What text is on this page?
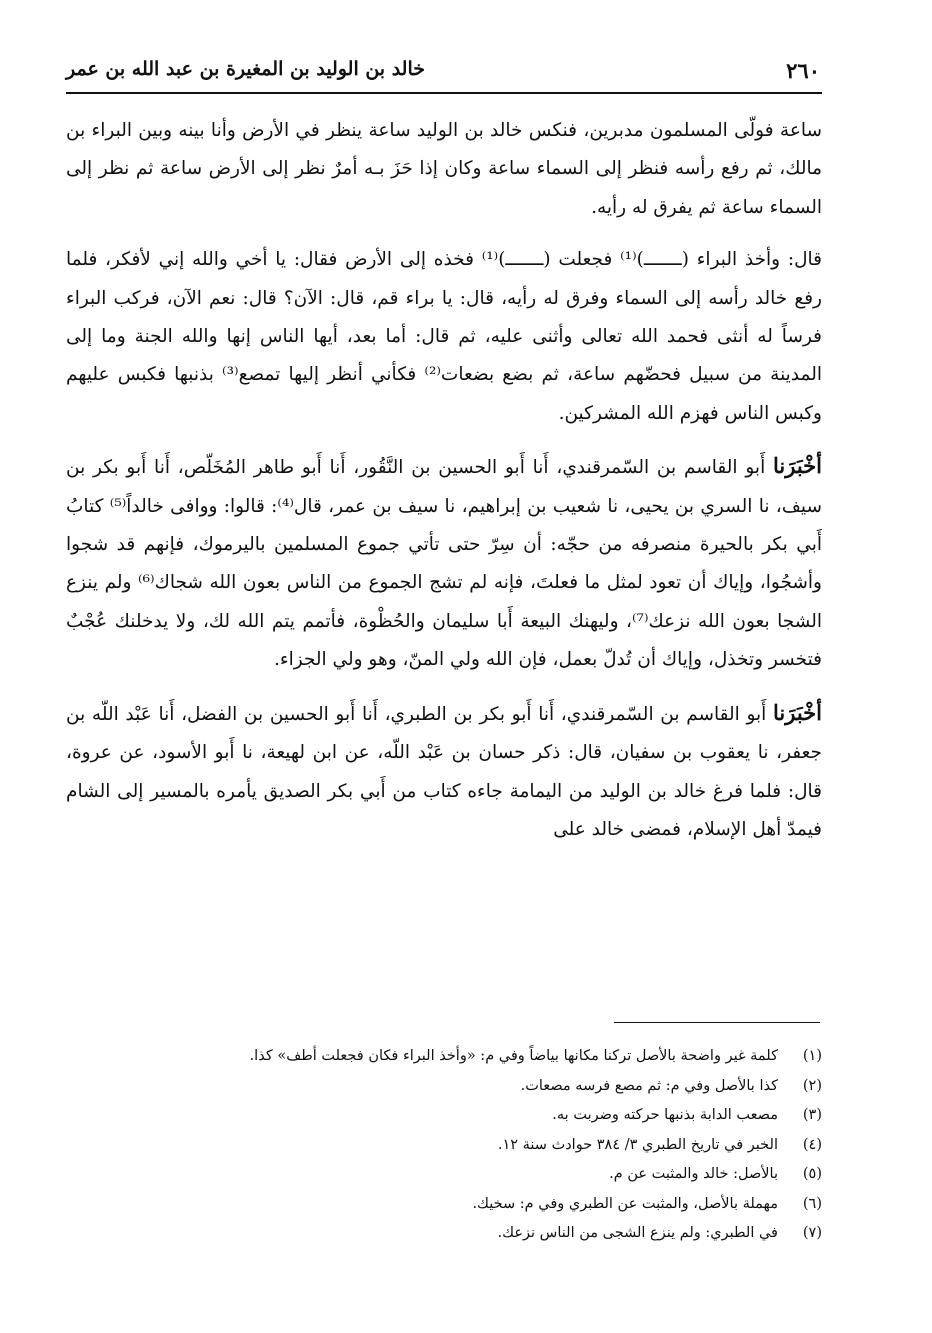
٢٦٠
خالد بن الوليد بن المغيرة بن عبد الله بن عمر

ساعة فولّى المسلمون مدبرين، فنكس خالد بن الوليد ساعة ينظر في الأرض وأنا بينه وبين البراء بن مالك، ثم رفع رأسه فنظر إلى السماء ساعة وكان إذا حَزَ بـه أمرٌ نظر إلى الأرض ساعة ثم نظر إلى السماء ساعة ثم يفرق له رأيه.

قال: وأخذ البراء (ـــــــ)⁽¹⁾ فجعلت (ـــــــ)⁽¹⁾ فخذه إلى الأرض فقال: يا أخي والله إني لأفكر، فلما رفع خالد رأسه إلى السماء وفرق له رأيه، قال: يا براء قم، قال: الآن؟ قال: نعم الآن، فركب البراء فرساً له أنثى فحمد الله تعالى وأثنى عليه، ثم قال: أما بعد، أيها الناس إنها والله الجنة وما إلى المدينة من سبيل فحضّهم ساعة، ثم بضع بضعات⁽²⁾ فكأني أنظر إليها تمصع⁽³⁾ بذنبها فكبس عليهم وكبس الناس فهزم الله المشركين.

أخْبَرَنا أَبو القاسم بن السّمرقندي، أَنا أَبو الحسين بن النَّقُور، أَنا أَبو طاهر المُخَلّص، أَنا أَبو بكر بن سيف، نا السري بن يحيى، نا شعيب بن إبراهيم، نا سيف بن عمر، قال⁽⁴⁾: قالوا: ووافى خالداً⁽⁵⁾ كتابُ أَبي بكر بالحيرة منصرفه من حجّه: أن سِرّ حتى تأتي جموع المسلمين باليرموك، فإنهم قد شجوا وأشجُوا، وإياك أن تعود لمثل ما فعلتَ، فإنه لم تشج الجموع من الناس بعون الله شجاك⁽⁶⁾ ولم ينزع الشجا بعون الله نزعك⁽⁷⁾، وليهنك البيعة أَبا سليمان والحُظْوة، فأتمم يتم الله لك، ولا يدخلنك عُجْبٌ فتخسر وتخذل، وإياك أن تُدلّ بعمل، فإن الله ولي المنّ، وهو ولي الجزاء.

أخْبَرَنا أَبو القاسم بن السّمرقندي، أَنا أَبو بكر بن الطبري، أَنا أَبو الحسين بن الفضل، أَنا عَبْد اللّه بن جعفر، نا يعقوب بن سفيان، قال: ذكر حسان بن عَبْد اللّه، عن ابن لهيعة، نا أَبو الأسود، عن عروة، قال: فلما فرغ خالد بن الوليد من اليمامة جاءه كتاب من أَبي بكر الصديق يأمره بالمسير إلى الشام فيمدّ أهل الإسلام، فمضى خالد على

(١)
كلمة غير واضحة بالأصل تركنا مكانها بياضاً وفي م: «وأخذ البراء فكان فجعلت أطف» كذا.
(٢)
كذا بالأصل وفي م: ثم مصع فرسه مصعات.
(٣)
مصعب الدابة بذنبها حركته وضربت به.
(٤)
الخبر في تاريخ الطبري ٣/ ٣٨٤ حوادث سنة ١٢.
(٥)
بالأصل: خالد والمثبت عن م.
(٦)
مهملة بالأصل، والمثبت عن الطبري وفي م: سخيك.
(٧)
في الطبري: ولم ينزع الشجى من الناس نزعك.
